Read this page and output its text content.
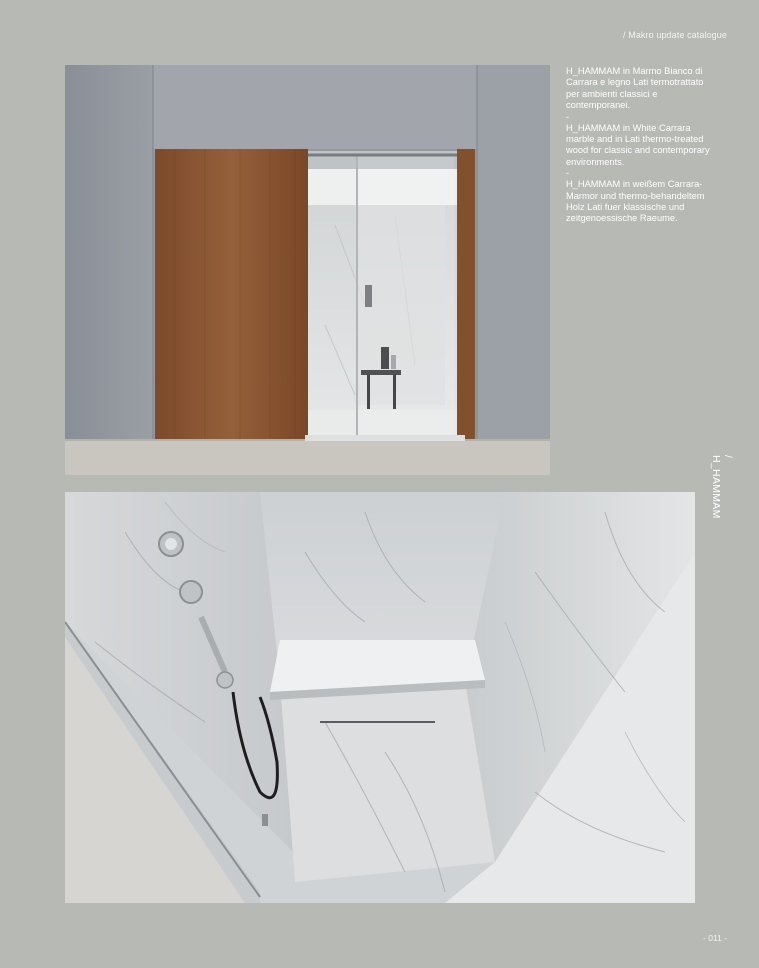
/ Makro update catalogue

H_HAMMAM in Marmo Bianco di Carrara e legno Lati termotrattato per ambienti classici e contemporanei.

-

H_HAMMAM in White Carrara marble and in Lati thermo-treated wood for classic and contemporary environments.

-

H_HAMMAM in weißem Carrara-Marmor und thermo-behandeltem Holz Lati fuer klassische und zeitgenoessische Raeume.

/ H_HAMMAM
- 011 -
